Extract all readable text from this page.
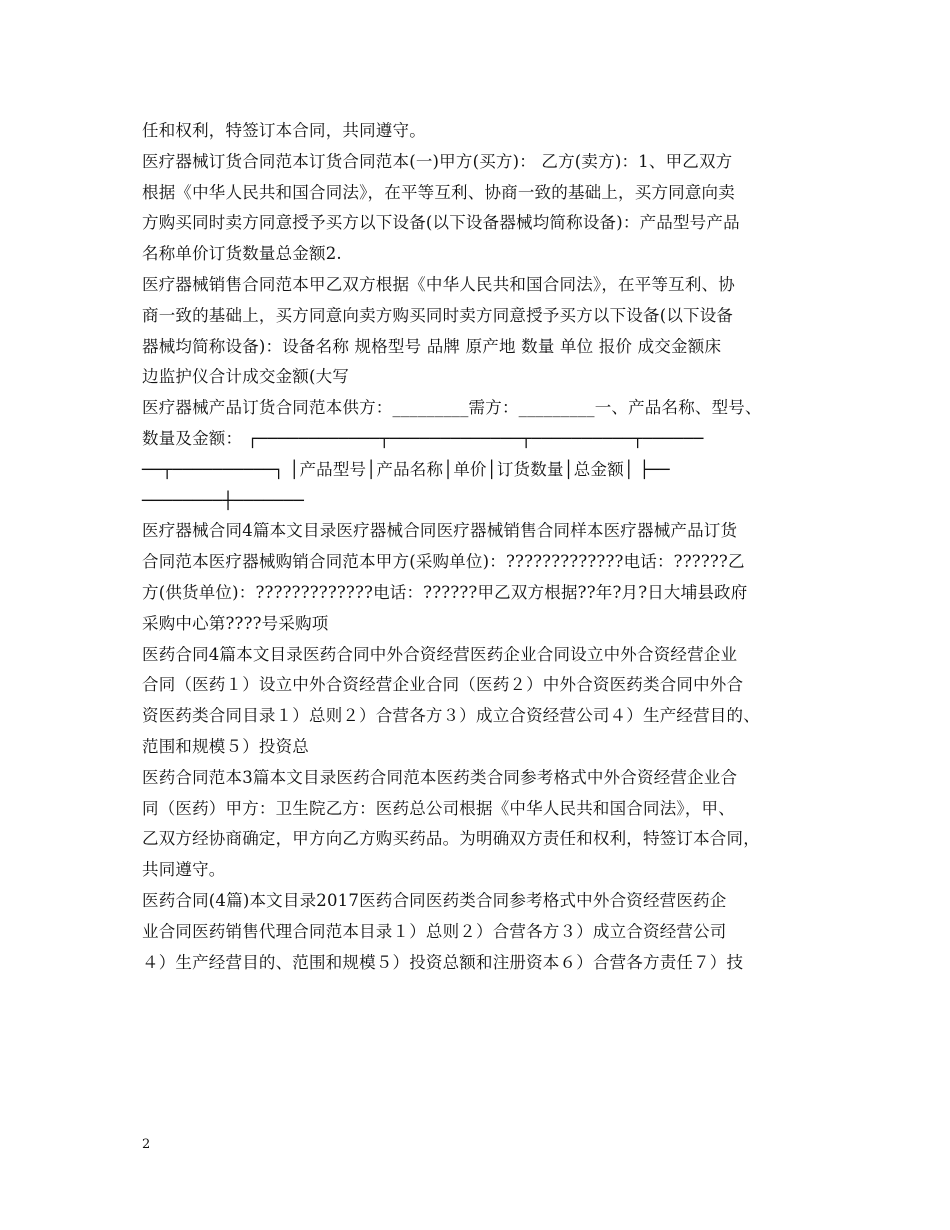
任和权利，特签订本合同，共同遵守。

医疗器械订货合同范本订货合同范本(一)甲方(买方)： 乙方(卖方)：1、甲乙双方
根据《中华人民共和国合同法》，在平等互利、协商一致的基础上，买方同意向卖
方购买同时卖方同意授予买方以下设备(以下设备器械均简称设备)：产品型号产品
名称单价订货数量总金额2.

医疗器械销售合同范本甲乙双方根据《中华人民共和国合同法》，在平等互利、协
商一致的基础上，买方同意向卖方购买同时卖方同意授予买方以下设备(以下设备
器械均简称设备)：设备名称 规格型号 品牌 原产地 数量 单位 报价 成交金额床
边监护仪合计成交金额(大写

医疗器械产品订货合同范本供方：_________需方：_________一、产品名称、型号、
数量及金额： ┌────────────┬─────────────┬──────────┬──────
──┬──────────┐ │产品型号│产品名称│单价│订货数量│总金额│ ├──
────────┼───────

医疗器械合同4篇本文目录医疗器械合同医疗器械销售合同样本医疗器械产品订货
合同范本医疗器械购销合同范本甲方(采购单位)：?????????????电话：??????乙
方(供货单位)：?????????????电话：??????甲乙双方根据??年?月?日大埔县政府
采购中心第????号采购项

医药合同4篇本文目录医药合同中外合资经营医药企业合同设立中外合资经营企业
合同（医药１）设立中外合资经营企业合同（医药２）中外合资医药类合同中外合
资医药类合同目录１）总则２）合营各方３）成立合资经营公司４）生产经营目的、
范围和规模５）投资总

医药合同范本3篇本文目录医药合同范本医药类合同参考格式中外合资经营企业合
同（医药）甲方：卫生院乙方：医药总公司根据《中华人民共和国合同法》，甲、
乙双方经协商确定，甲方向乙方购买药品。为明确双方责任和权利，特签订本合同，
共同遵守。

医药合同(4篇)本文目录2017医药合同医药类合同参考格式中外合资经营医药企
业合同医药销售代理合同范本目录１）总则２）合营各方３）成立合资经营公司
４）生产经营目的、范围和规模５）投资总额和注册资本６）合营各方责任７）技

2
